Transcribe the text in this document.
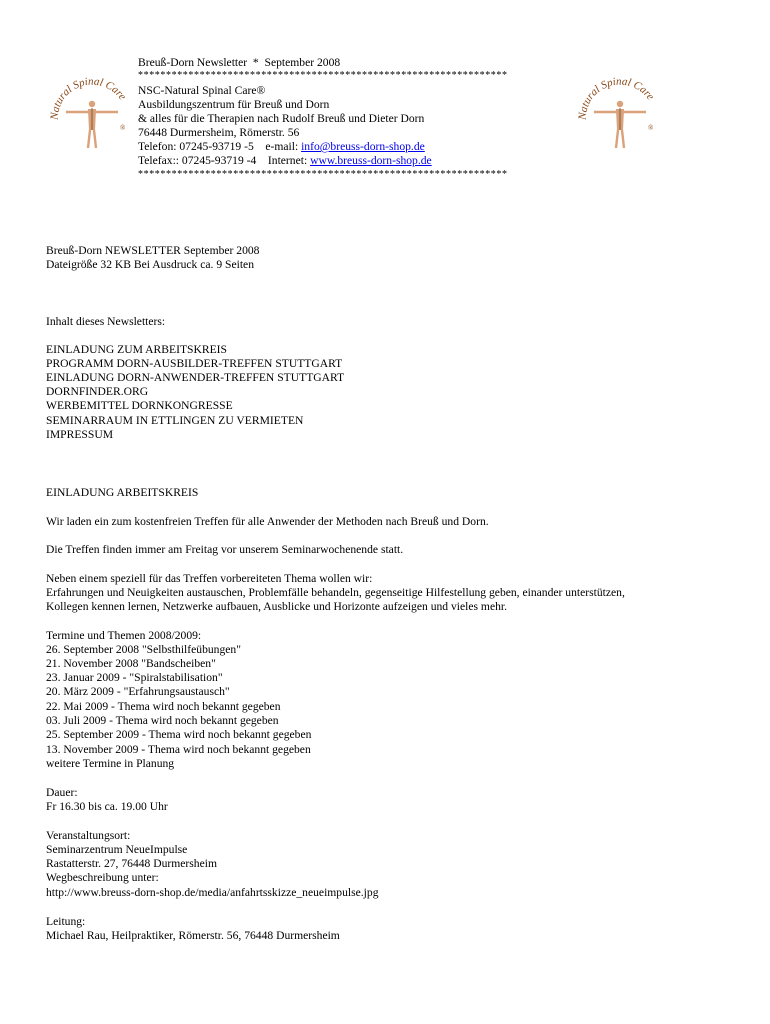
Natural Spinal Care
®
Natural Spinal Care
®
Breuß-Dorn Newsletter  *  September 2008
******************************************************************
NSC-Natural Spinal Care®
Ausbildungszentrum für Breuß und Dorn
& alles für die Therapien nach Rudolf Breuß und Dieter Dorn
76448 Durmersheim, Römerstr. 56
Telefon: 07245-93719 -5    e-mail: info@breuss-dorn-shop.de
Telefax:: 07245-93719 -4    Internet: www.breuss-dorn-shop.de
******************************************************************
Breuß-Dorn NEWSLETTER September 2008
Dateigröße 32 KB Bei Ausdruck ca. 9 Seiten
Inhalt dieses Newsletters:
EINLADUNG ZUM ARBEITSKREIS
PROGRAMM DORN-AUSBILDER-TREFFEN STUTTGART
EINLADUNG DORN-ANWENDER-TREFFEN STUTTGART
DORNFINDER.ORG
WERBEMITTEL DORNKONGRESSE
SEMINARRAUM IN ETTLINGEN ZU VERMIETEN
IMPRESSUM
EINLADUNG ARBEITSKREIS
Wir laden ein zum kostenfreien Treffen für alle Anwender der Methoden nach Breuß und Dorn.
Die Treffen finden immer am Freitag vor unserem Seminarwochenende statt.
Neben einem speziell für das Treffen vorbereiteten Thema wollen wir:
Erfahrungen und Neuigkeiten austauschen, Problemfälle behandeln, gegenseitige Hilfestellung geben, einander unterstützen,
Kollegen kennen lernen, Netzwerke aufbauen, Ausblicke und Horizonte aufzeigen und vieles mehr.
Termine und Themen 2008/2009:
26. September 2008 "Selbsthilfeübungen"
21. November 2008 "Bandscheiben"
23. Januar 2009 - "Spiralstabilisation"
20. März 2009 - "Erfahrungsaustausch"
22. Mai 2009 - Thema wird noch bekannt gegeben
03. Juli 2009 - Thema wird noch bekannt gegeben
25. September 2009 - Thema wird noch bekannt gegeben
13. November 2009 - Thema wird noch bekannt gegeben
weitere Termine in Planung
Dauer:
Fr 16.30 bis ca. 19.00 Uhr
Veranstaltungsort:
Seminarzentrum NeueImpulse
Rastatterstr. 27, 76448 Durmersheim
Wegbeschreibung unter:
http://www.breuss-dorn-shop.de/media/anfahrtsskizze_neueimpulse.jpg
Leitung:
Michael Rau, Heilpraktiker, Römerstr. 56, 76448 Durmersheim
